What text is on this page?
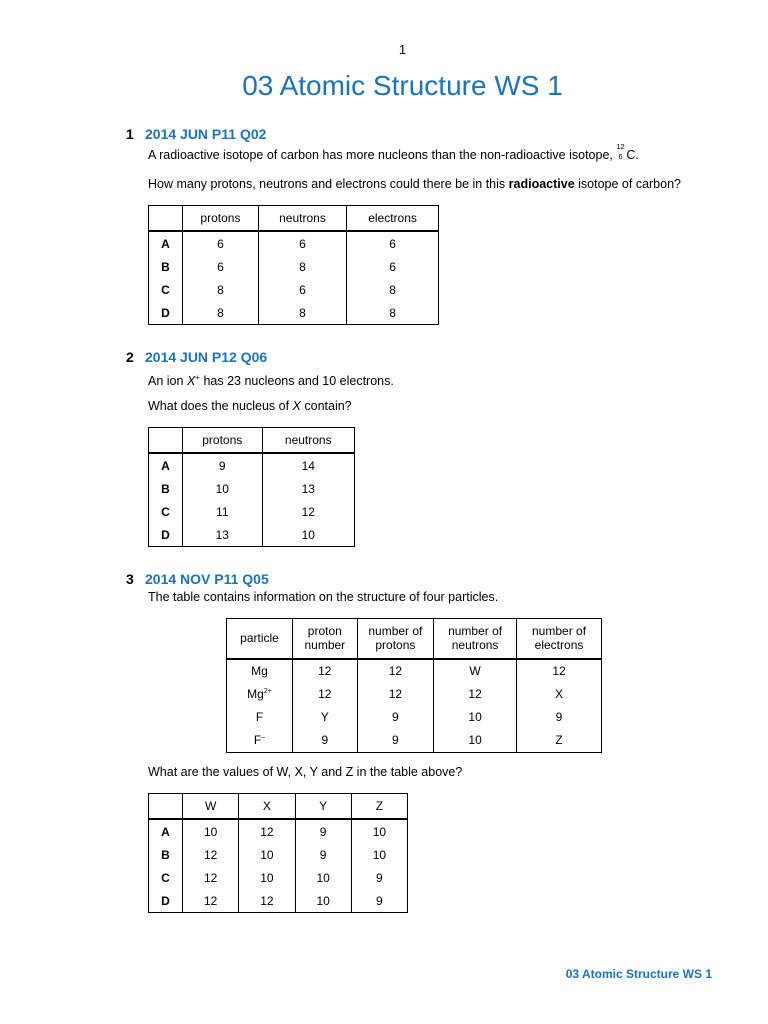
1
03 Atomic Structure WS 1
1 2014 JUN P11 Q02
A radioactive isotope of carbon has more nucleons than the non-radioactive isotope,
12
6 C.
How many protons, neutrons and electrons could there be in this radioactive isotope of carbon?
	protons	neutrons	electrons
A	6	6	6
B	6	8	6
C	8	6	8
D	8	8	8
2 2014 JUN P12 Q06
An ion X+ has 23 nucleons and 10 electrons.
What does the nucleus of X contain?
	protons	neutrons
A	9	14
B	10	13
C	11	12
D	13	10
3 2014 NOV P11 Q05
The table contains information on the structure of four particles.
particle	proton number	number of protons	number of neutrons	number of electrons
Mg	12	12	W	12
$Mg^{2+}$	12	12	12	X
F	Y	9	10	9
F–	9	9	10	Z
What are the values of W, X, Y and Z in the table above?
	W	X	Y	Z
A	10	12	9	10
B	12	10	9	10
C	12	10	10	9
D	12	12	10	9
03 Atomic Structure WS 1
